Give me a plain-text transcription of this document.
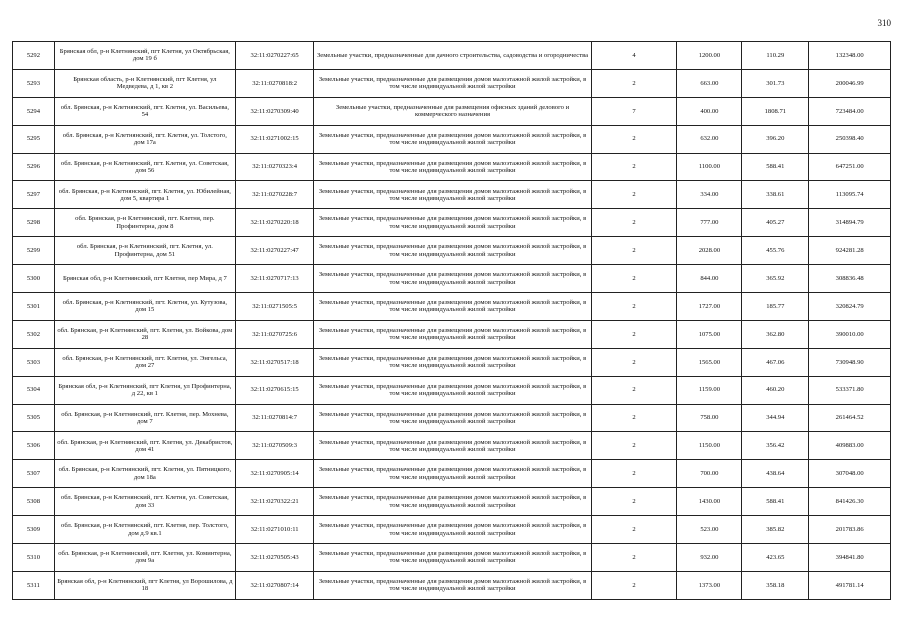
310
5292	Брянская обл, р-н Клетнянский, пгт Клетня, ул Октябрьская, дом 19 б	32:11:0270227:65	Земельные участки, предназначенные для дачного строительства, садоводства и огородничества	4	1200.00	110.29	132348.00
5293	Брянская область, р-н Клетнянский, пгт Клетня, ул Медведева, д 1, кв 2	32:11:0270818:2	Земельные участки, предназначенные для размещения домов малоэтажной жилой застройки, в том числе индивидуальной жилой застройки	2	663.00	301.73	200046.99
5294	обл. Брянская, р-н Клетнянский, пгт. Клетня, ул. Васильева, 54	32:11:0270309:40	Земельные участки, предназначенные для размещения офисных зданий делового и коммерческого назначения	7	400.00	1808.71	723484.00
5295	обл. Брянская, р-н Клетнянский, пгт. Клетня, ул. Толстого, дом 17а	32:11:0271002:15	Земельные участки, предназначенные для размещения домов малоэтажной жилой застройки, в том числе индивидуальной жилой застройки	2	632.00	396.20	250398.40
5296	обл. Брянская, р-н Клетнянский, пгт. Клетня, ул. Советская, дом 56	32:11:0270323:4	Земельные участки, предназначенные для размещения домов малоэтажной жилой застройки, в том числе индивидуальной жилой застройки	2	1100.00	588.41	647251.00
5297	обл. Брянская, р-н Клетнянский, пгт. Клетня, ул. Юбилейная, дом 5, квартира 1	32:11:0270228:7	Земельные участки, предназначенные для размещения домов малоэтажной жилой застройки, в том числе индивидуальной жилой застройки	2	334.00	338.61	113095.74
5298	обл. Брянская, р-н Клетнянский, пгт. Клетня, пер. Профинтерна, дом 8	32:11:0270220:18	Земельные участки, предназначенные для размещения домов малоэтажной жилой застройки, в том числе индивидуальной жилой застройки	2	777.00	405.27	314894.79
5299	обл. Брянская, р-н Клетнянский, пгт. Клетня, ул. Профинтерна, дом 51	32:11:0270227:47	Земельные участки, предназначенные для размещения домов малоэтажной жилой застройки, в том числе индивидуальной жилой застройки	2	2028.00	455.76	924281.28
5300	Брянская обл, р-н Клетнянский, пгт Клетня, пер Мира, д 7	32:11:0270717:13	Земельные участки, предназначенные для размещения домов малоэтажной жилой застройки, в том числе индивидуальной жилой застройки	2	844.00	365.92	308836.48
5301	обл. Брянская, р-н Клетнянский, пгт. Клетня, ул. Кутузова, дом 15	32:11:0271505:5	Земельные участки, предназначенные для размещения домов малоэтажной жилой застройки, в том числе индивидуальной жилой застройки	2	1727.00	185.77	320824.79
5302	обл. Брянская, р-н Клетнянский, пгт. Клетня, ул. Войкова, дом 28	32:11:0270725:6	Земельные участки, предназначенные для размещения домов малоэтажной жилой застройки, в том числе индивидуальной жилой застройки	2	1075.00	362.80	390010.00
5303	обл. Брянская, р-н Клетнянский, пгт. Клетня, ул. Энгельса, дом 27	32:11:0270517:18	Земельные участки, предназначенные для размещения домов малоэтажной жилой застройки, в том числе индивидуальной жилой застройки	2	1565.00	467.06	730948.90
5304	Брянская обл, р-н Клетнянский, пгт Клетня, ул Профинтерна, д 22, кв 1	32:11:0270615:15	Земельные участки, предназначенные для размещения домов малоэтажной жилой застройки, в том числе индивидуальной жилой застройки	2	1159.00	460.20	533371.80
5305	обл. Брянская, р-н Клетнянский, пгт. Клетня, пер. Мохнева, дом 7	32:11:0270814:7	Земельные участки, предназначенные для размещения домов малоэтажной жилой застройки, в том числе индивидуальной жилой застройки	2	758.00	344.94	261464.52
5306	обл. Брянская, р-н Клетнянский, пгт. Клетня, ул. Декабристов, дом 41	32:11:0270509:3	Земельные участки, предназначенные для размещения домов малоэтажной жилой застройки, в том числе индивидуальной жилой застройки	2	1150.00	356.42	409883.00
5307	обл. Брянская, р-н Клетнянский, пгт. Клетня, ул. Пятницкого, дом 18а	32:11:0270905:14	Земельные участки, предназначенные для размещения домов малоэтажной жилой застройки, в том числе индивидуальной жилой застройки	2	700.00	438.64	307048.00
5308	обл. Брянская, р-н Клетнянский, пгт. Клетня, ул. Советская, дом 33	32:11:0270322:21	Земельные участки, предназначенные для размещения домов малоэтажной жилой застройки, в том числе индивидуальной жилой застройки	2	1430.00	588.41	841426.30
5309	обл. Брянская, р-н Клетнянский, пгт. Клетня, пер. Толстого, дом д.9 кв.1	32:11:0271010:11	Земельные участки, предназначенные для размещения домов малоэтажной жилой застройки, в том числе индивидуальной жилой застройки	2	523.00	385.82	201783.86
5310	обл. Брянская, р-н Клетнянский, пгт. Клетня, ул. Коминтерна, дом 9а	32:11:0270505:43	Земельные участки, предназначенные для размещения домов малоэтажной жилой застройки, в том числе индивидуальной жилой застройки	2	932.00	423.65	394841.80
5311	Брянская обл, р-н Клетнянский, пгт Клетня, ул Ворошилова, д 18	32:11:0270807:14	Земельные участки, предназначенные для размещения домов малоэтажной жилой застройки, в том числе индивидуальной жилой застройки	2	1373.00	358.18	491781.14
